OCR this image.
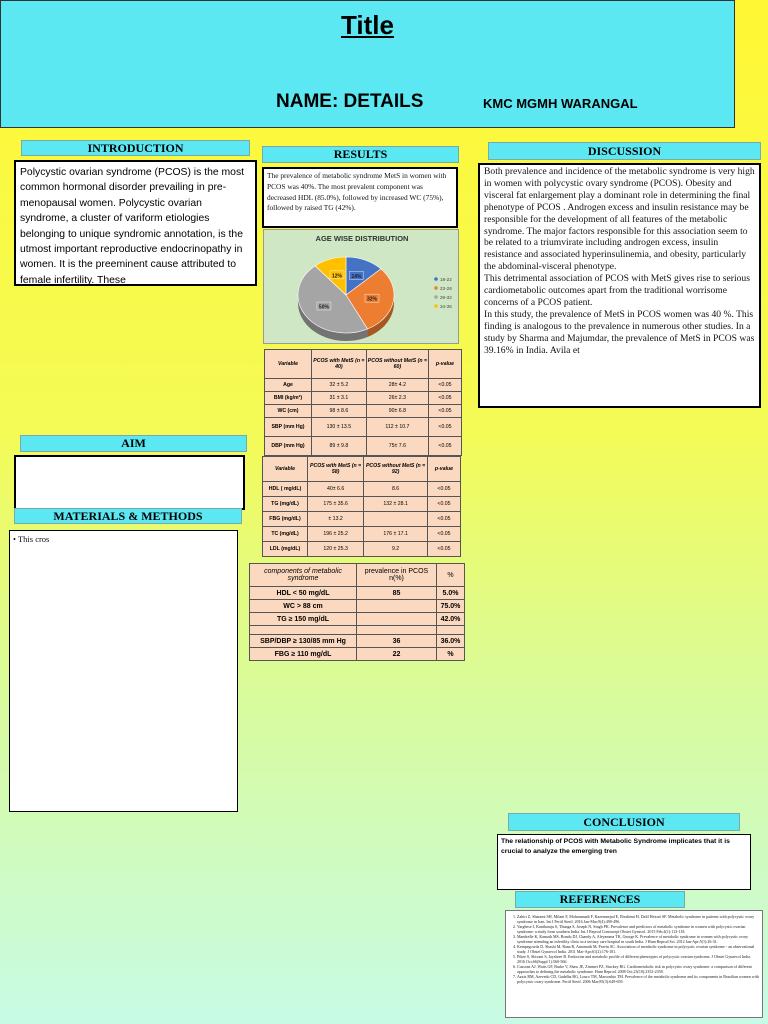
Title
NAME: DETAILS	KMC MGMH WARANGAL
INTRODUCTION
Polycystic ovarian syndrome (PCOS) is the most common hormonal disorder prevailing in pre-menopausal women. Polycystic ovarian syndrome, a cluster of variform etiologies belonging to unique syndromic annotation, is the utmost important reproductive endocrinopathy in women. It is the preeminent cause attributed to female infertility. These
RESULTS
The prevalence of metabolic syndrome MetS in women with PCOS was 40%. The most prevalent component was decreased HDL (85.0%), followed by increased WC (75%), followed by raised TG (42%).
AGE WISE DISTRIBUTION
14%
32%
50%
12%	18-22
23-26
29-32
34-36
Variable	PCOS with MetS (n = 40)	PCOS without MetS (n = 60)	p-value
Age	32 ± 5.2	28± 4.2	<0.05
BMI (kg/m²)	31 ± 3.1	26± 2.3	<0.05
WC (cm)	98 ± 8.6	90± 6.8	<0.05
SBP (mm Hg)	130 ± 13.5	112 ± 10.7	<0.05
DBP (mm Hg)	89 ± 9.8	75± 7.6	<0.05
Variable	PCOS with MetS (n = 58)	PCOS without MetS (n = 92)	p-value
HDL ( mg/dL)	40± 6.6	8.6	<0.05
TG (mg/dL)	175 ± 35.6	132 ± 28.1	<0.05
FBG (mg/dL)	± 13.2		<0.05
TC (mg/dL)	196 ± 25.2	176 ± 17.1	<0.05
LDL (mg/dL)	120 ± 25.3	9.2	<0.05
components of metabolic syndrome	prevalence in PCOS n(%)	%
HDL < 50 mg/dL	85	5.0%
WC > 88 cm		75.0%
TG ≥ 150 mg/dL		42.0%

SBP/DBP ≥ 130/85 mm Hg	36	36.0%
FBG ≥ 110 mg/dL	22	%
AIM
MATERIALS & METHODS
• This cros
DISCUSSION
Both prevalence and incidence of the metabolic syndrome is very high in women with polycystic ovary syndrome (PCOS). Obesity and visceral fat enlargement play a dominant role in determining the final phenotype of PCOS . Androgen excess and insulin resistance may be responsible for the development of all features of the metabolic syndrome. The major factors responsible for this association seem to be related to a triumvirate including androgen excess, insulin resistance and associated hyperinsulinemia, and obesity, particularly the abdominal-visceral phenotype.
This detrimental association of PCOS with MetS gives rise to serious cardiometabolic outcomes apart from the traditional worrisome concerns of a PCOS patient.
In this study, the prevalence of MetS in PCOS women was 40 %. This finding is analogous to the prevalence in numerous other studies. In a study by Sharma and Majumdar, the prevalence of MetS in PCOS was 39.16% in India. Avila et
CONCLUSION
The relationship of PCOS with Metabolic Syndrome implicates that it is crucial to analyze the emerging tren
REFERENCES
1. Zahiri Z, Sharami SH, Milani F, Mohammadi F, Kazemnejad E, Ebrahimi H, Dalil Heirati SF. Metabolic syndrome in patients with polycystic ovary syndrome in Iran. Int J Fertil Steril. 2016 Jan-Mar;9(4):490-496.
2. Varghese J, Kantharaju S, Thunga S, Joseph N, Singh PK. Prevalence and predictors of metabolic syndrome in women with polycystic ovarian syndrome: a study from southern India. Int J Reprod Contracept Obstet Gynecol. 2015 Feb;4(1):113-118.
3. Mandrelle K, Kamath MS, Bondu DJ, Chandy A, Aleyamma TK, George K. Prevalence of metabolic syndrome in women with polycystic ovary syndrome attending an infertility clinic in a tertiary care hospital in south India. J Hum Reprod Sci. 2012 Jan-Apr;5(1):26-31.
4. Kempegowda D, Shashi M, Rana R, Amarnath M, Pravin SC. Association of metabolic syndrome in polycystic ovarian syndrome - an observational study. J Obstet Gynaecol India. 2011 Mar-Apr;61(2):176-181.
5. Pikee S, Shivani S, Jayshree B. Endocrine and metabolic profile of different phenotypes of polycystic ovarian syndrome. J Obstet Gynaecol India. 2016 Oct;66(Suppl 1):560-566.
6. Cussons AJ, Watts GF, Burke V, Shaw JE, Zimmet PZ, Stuckey BG. Cardiometabolic risk in polycystic ovary syndrome: a comparison of different approaches to defining the metabolic syndrome. Hum Reprod. 2008 Oct;23(10):2352-2358.
7. Azziz RM, Azevedo CD, Gadelha BG, Louro TM, Marsonhio TM. Prevalence of the metabolic syndrome and its components in Brazilian women with polycystic ovary syndrome. Fertil Steril. 2006 Mar;85(3):649-659.
